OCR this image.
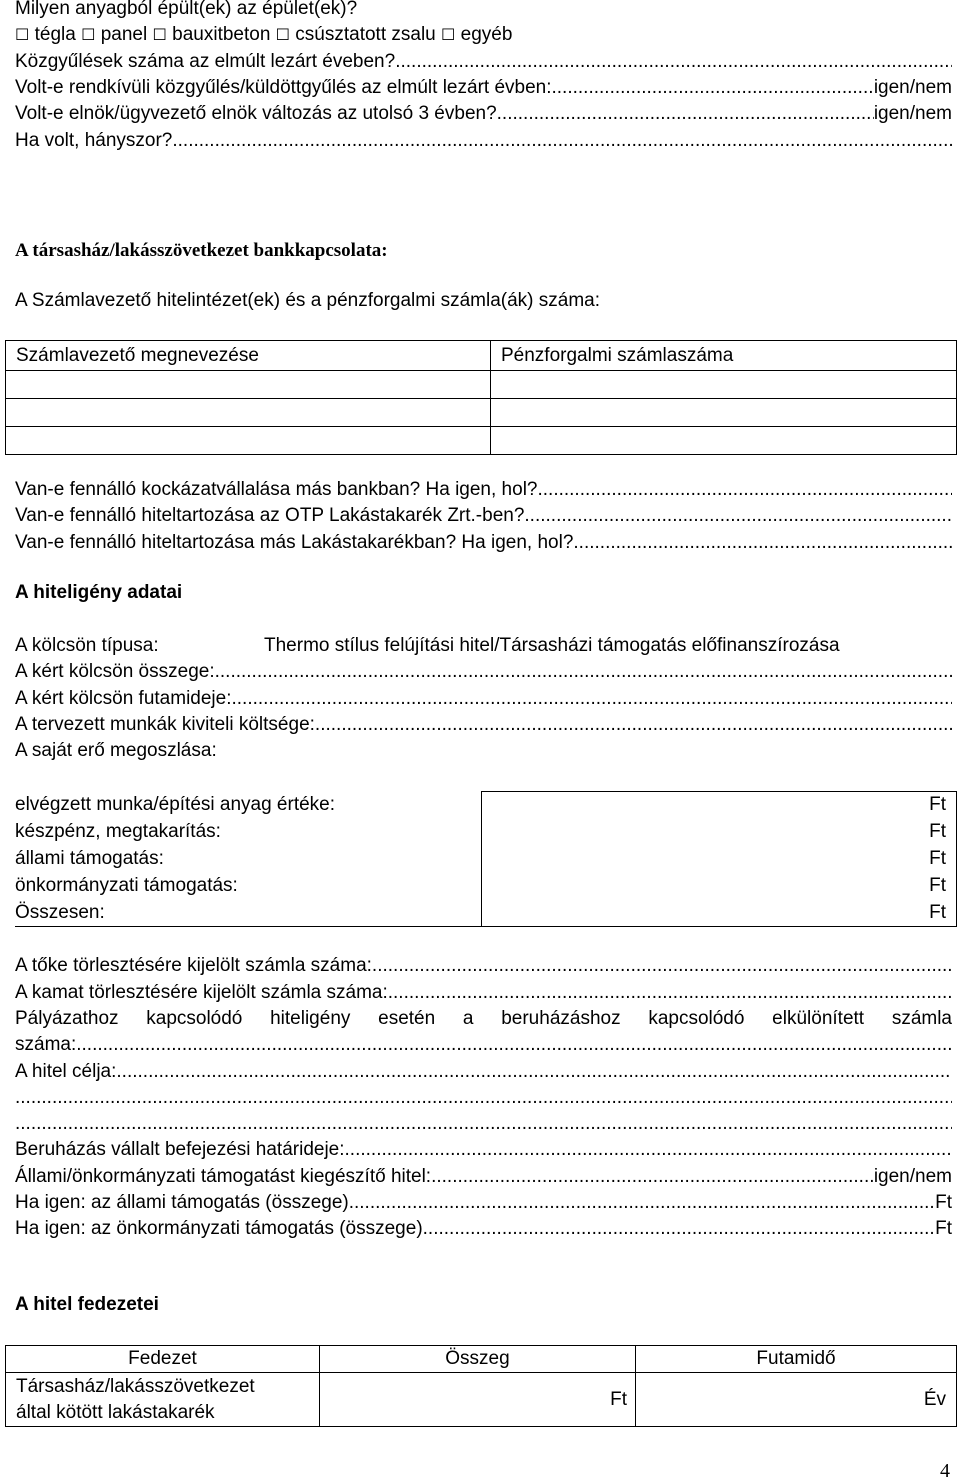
Milyen anyagból épült(ek) az épület(ek)?
☐ tégla ☐ panel ☐ bauxitbeton ☐ csúsztatott zsalu ☐ egyéb
Közgyűlések száma az elmúlt lezárt éveben?
.....
Volt-e rendkívüli közgyűlés/küldöttgyűlés az elmúlt lezárt évben: .....	igen/nem
Volt-e elnök/ügyvezető elnök változás az utolsó 3 évben? .....	igen/nem
Ha volt, hányszor?
.....
A társasház/lakásszövetkezet bankkapcsolata:
A Számlavezető hitelintézet(ek) és a pénzforgalmi számla(ák) száma:
Számlavezető megnevezése	Pénzforgalmi számlaszáma

Van-e fennálló kockázatvállalása más bankban? Ha igen, hol?
.....
Van-e fennálló hiteltartozása az OTP Lakástakarék Zrt.-ben?
.....
Van-e fennálló hiteltartozása más Lakástakarékban? Ha igen, hol?
.....
A hiteligény adatai
A kölcsön típusa:	Thermo stílus felújítási hitel/Társasházi támogatás előfinanszírozása
A kért kölcsön összege:
.....
A kért kölcsön futamideje:
.....
A tervezett munkák kiviteli költsége:
.....
A saját erő megoszlása:
elvégzett munka/építési anyag értéke:	Ft
készpénz, megtakarítás:	Ft
állami támogatás:	Ft
önkormányzati támogatás:	Ft
Összesen:	Ft
A tőke törlesztésére kijelölt számla száma:
.....
A kamat törlesztésére kijelölt számla száma:
.....
Pályázathoz kapcsolódó hiteligény esetén a beruházáshoz kapcsolódó elkülönített számla
száma:
.....
A hitel célja:
.....
.....
.....
Beruházás vállalt befejezési határideje:
.....
Állami/önkormányzati támogatást kiegészítő hitel: .....	igen/nem
Ha igen: az állami támogatás (összege) .....	Ft
Ha igen: az önkormányzati támogatás (összege) .....	Ft
A hitel fedezetei
Fedezet	Összeg	Futamidő

Társasház/lakásszövetkezet
által kötött lakástakarék	Ft	Év
4
